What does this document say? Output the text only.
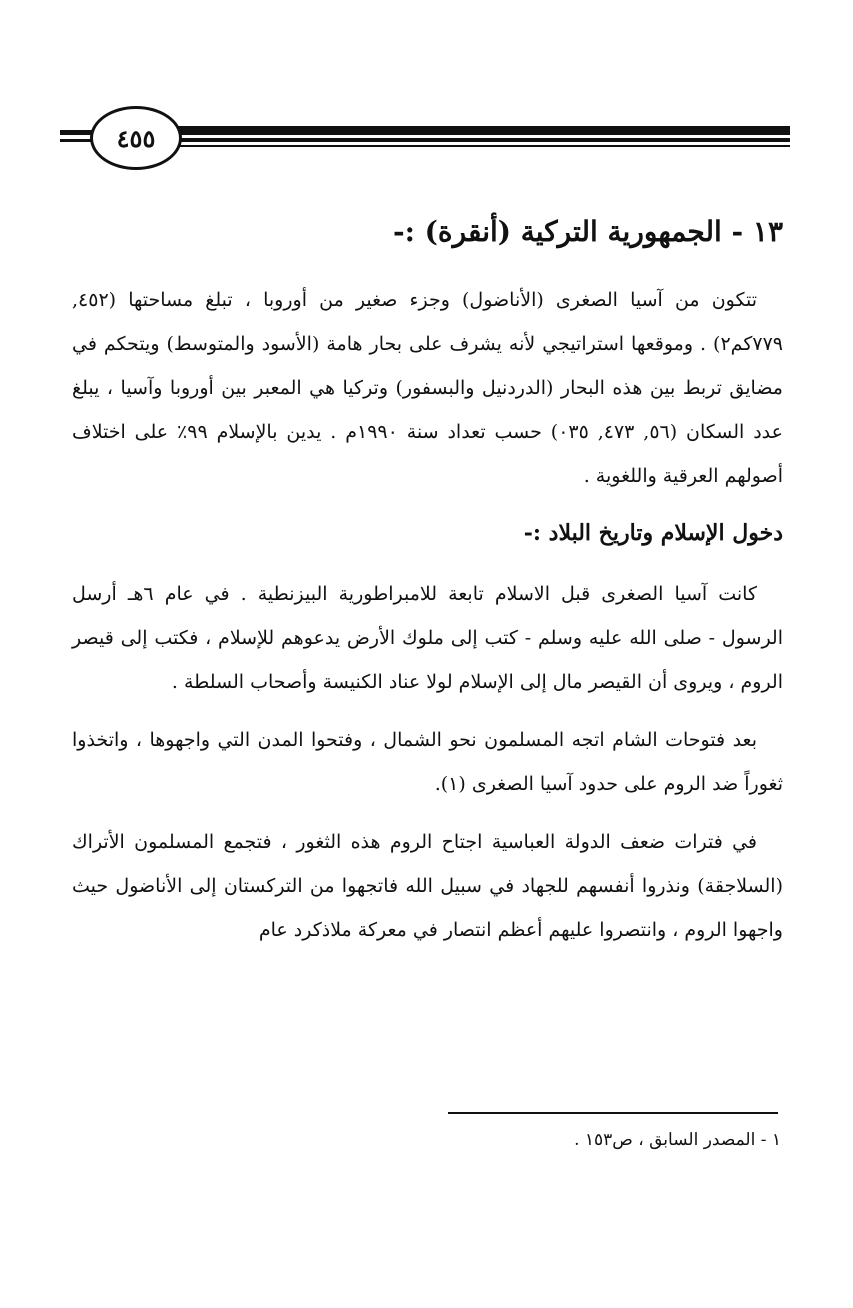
٤٥٥
١٣ - الجمهورية التركية (أنقرة) :-

تتكون من آسيا الصغرى (الأناضول) وجزء صغير من أوروبا ، تبلغ مساحتها (٤٥٢, ٧٧٩كم٢) . وموقعها استراتيجي لأنه يشرف على بحار هامة (الأسود والمتوسط) ويتحكم في مضايق تربط بين هذه البحار (الدردنيل والبسفور) وتركيا هي المعبر بين أوروبا وآسيا ، يبلغ عدد السكان (٥٦, ٤٧٣, ٠٣٥) حسب تعداد سنة ١٩٩٠م . يدين بالإسلام ٩٩٪ على اختلاف أصولهم العرقية واللغوية .

دخول الإسلام وتاريخ البلاد :-

كانت آسيا الصغرى قبل الاسلام تابعة للامبراطورية البيزنطية . في عام ٦هـ أرسل الرسول - صلى الله عليه وسلم - كتب إلى ملوك الأرض يدعوهم للإسلام ، فكتب إلى قيصر الروم ، ويروى أن القيصر مال إلى الإسلام لولا عناد الكنيسة وأصحاب السلطة .

بعد فتوحات الشام اتجه المسلمون نحو الشمال ، وفتحوا المدن التي واجهوها ، واتخذوا ثغوراً ضد الروم على حدود آسيا الصغرى (١).

في فترات ضعف الدولة العباسية اجتاح الروم هذه الثغور ، فتجمع المسلمون الأتراك (السلاجقة) ونذروا أنفسهم للجهاد في سبيل الله فاتجهوا من التركستان إلى الأناضول حيث واجهوا الروم ، وانتصروا عليهم أعظم انتصار في معركة ملاذكرد عام

١ - المصدر السابق ، ص١٥٣ .
